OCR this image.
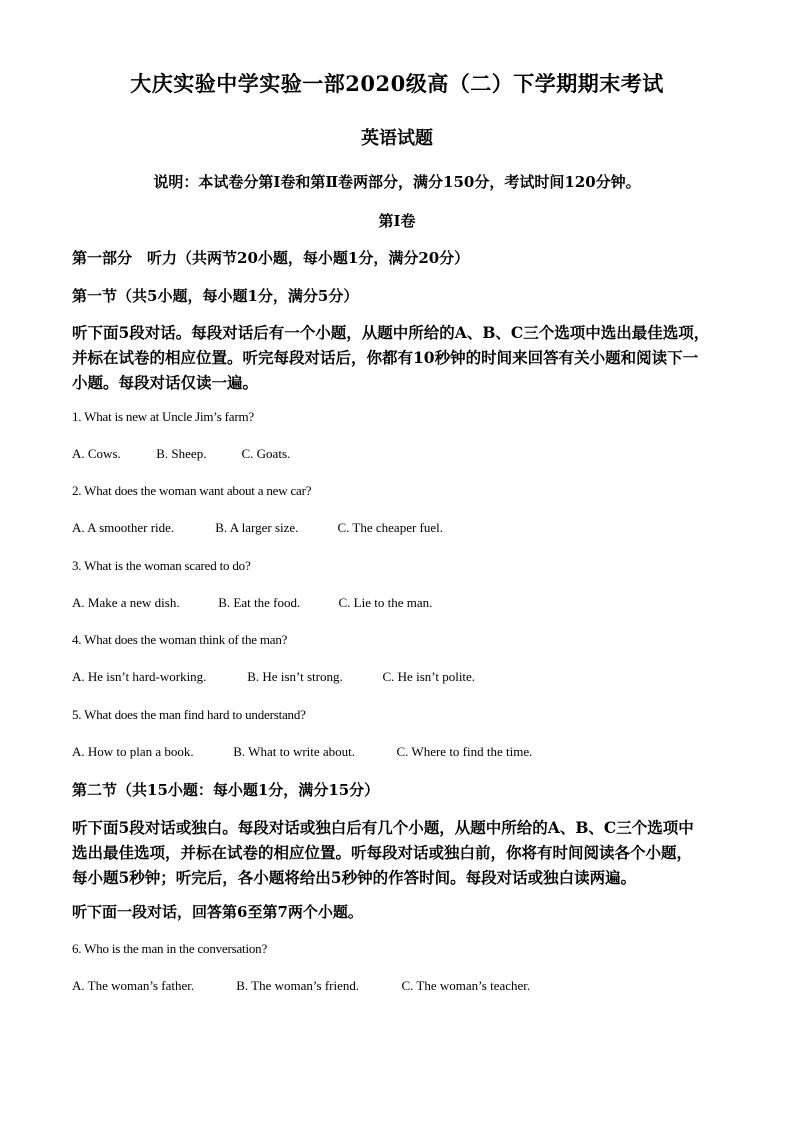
大庆实验中学实验一部2020级高（二）下学期期末考试
英语试题
说明：本试卷分第Ⅰ卷和第Ⅱ卷两部分，满分150分，考试时间120分钟。
第Ⅰ卷
第一部分　听力（共两节20小题，每小题1分，满分20分）
第一节（共5小题，每小题1分，满分5分）
听下面5段对话。每段对话后有一个小题，从题中所给的A、B、C三个选项中选出最佳选项，
并标在试卷的相应位置。听完每段对话后，你都有10秒钟的时间来回答有关小题和阅读下一
小题。每段对话仅读一遍。
1. What is new at Uncle Jim’s farm?
A. Cows.	B. Sheep.	C. Goats.
2. What does the woman want about a new car?
A. A smoother ride.	B. A larger size.	C. The cheaper fuel.
3. What is the woman scared to do?
A. Make a new dish.	B. Eat the food.	C. Lie to the man.
4. What does the woman think of the man?
A. He isn’t hard-working.	B. He isn’t strong.	C. He isn’t polite.
5. What does the man find hard to understand?
A. How to plan a book.	B. What to write about.	C. Where to find the time.
第二节（共15小题：每小题1分，满分15分）
听下面5段对话或独白。每段对话或独白后有几个小题，从题中所给的A、B、C三个选项中
选出最佳选项，并标在试卷的相应位置。听每段对话或独白前，你将有时间阅读各个小题，
每小题5秒钟；听完后，各小题将给出5秒钟的作答时间。每段对话或独白读两遍。
听下面一段对话，回答第6至第7两个小题。
6. Who is the man in the conversation?
A. The woman’s father.	B. The woman’s friend.	C. The woman’s teacher.
